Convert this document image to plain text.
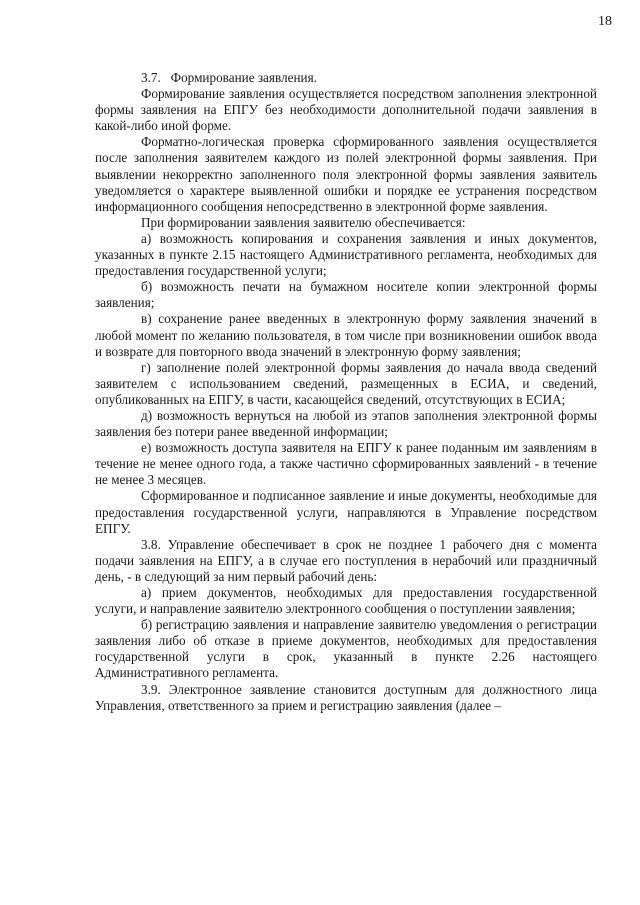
18

3.7.   Формирование заявления.

Формирование заявления осуществляется посредством заполнения электронной формы заявления на ЕПГУ без необходимости дополнительной подачи заявления в какой-либо иной форме.

Форматно-логическая проверка сформированного заявления осуществляется после заполнения заявителем каждого из полей электронной формы заявления. При выявлении некорректно заполненного поля электронной формы заявления заявитель уведомляется о характере выявленной ошибки и порядке ее устранения посредством информационного сообщения непосредственно в электронной форме заявления.

При формировании заявления заявителю обеспечивается:

а) возможность копирования и сохранения заявления и иных документов, указанных в пункте 2.15 настоящего Административного регламента, необходимых для предоставления государственной услуги;

б) возможность печати на бумажном носителе копии электронной формы заявления;

в) сохранение ранее введенных в электронную форму заявления значений в любой момент по желанию пользователя, в том числе при возникновении ошибок ввода и возврате для повторного ввода значений в электронную форму заявления;

г) заполнение полей электронной формы заявления до начала ввода сведений заявителем с использованием сведений, размещенных в ЕСИА, и сведений, опубликованных на ЕПГУ, в части, касающейся сведений, отсутствующих в ЕСИА;

д) возможность вернуться на любой из этапов заполнения электронной формы заявления без потери ранее введенной информации;

е) возможность доступа заявителя на ЕПГУ к ранее поданным им заявлениям в течение не менее одного года, а также частично сформированных заявлений - в течение не менее 3 месяцев.

Сформированное и подписанное заявление и иные документы, необходимые для предоставления государственной услуги, направляются в Управление посредством ЕПГУ.

3.8. Управление обеспечивает в срок не позднее 1 рабочего дня с момента подачи заявления на ЕПГУ, а в случае его поступления в нерабочий или праздничный день, - в следующий за ним первый рабочий день:

а) прием документов, необходимых для предоставления государственной услуги, и направление заявителю электронного сообщения о поступлении заявления;

б) регистрацию заявления и направление заявителю уведомления о регистрации заявления либо об отказе в приеме документов, необходимых для предоставления государственной услуги в срок, указанный в пункте 2.26 настоящего Административного регламента.

3.9. Электронное заявление становится доступным для должностного лица Управления, ответственного за прием и регистрацию заявления (далее –
